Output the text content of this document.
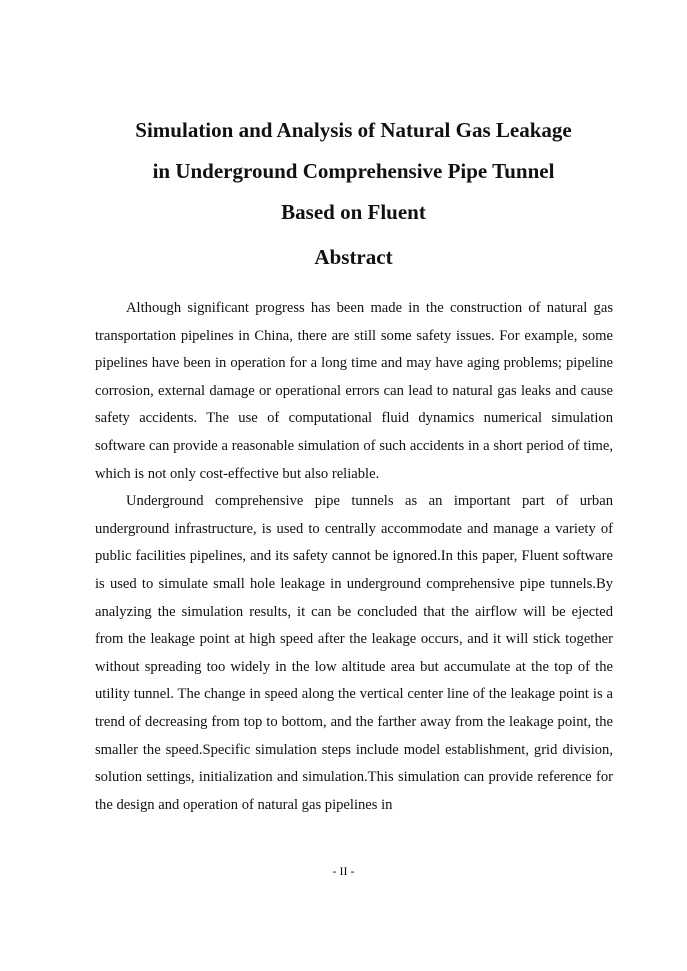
Simulation and Analysis of Natural Gas Leakage
in Underground Comprehensive Pipe Tunnel
Based on Fluent
Abstract

Although significant progress has been made in the construction of natural gas transportation pipelines in China, there are still some safety issues. For example, some pipelines have been in operation for a long time and may have aging problems; pipeline corrosion, external damage or operational errors can lead to natural gas leaks and cause safety accidents. The use of computational fluid dynamics numerical simulation software can provide a reasonable simulation of such accidents in a short period of time, which is not only cost-effective but also reliable.

Underground comprehensive pipe tunnels as an important part of urban underground infrastructure, is used to centrally accommodate and manage a variety of public facilities pipelines, and its safety cannot be ignored.In this paper, Fluent software is used to simulate small hole leakage in underground comprehensive pipe tunnels.By analyzing the simulation results, it can be concluded that the airflow will be ejected from the leakage point at high speed after the leakage occurs, and it will stick together without spreading too widely in the low altitude area but accumulate at the top of the utility tunnel. The change in speed along the vertical center line of the leakage point is a trend of decreasing from top to bottom, and the farther away from the leakage point, the smaller the speed.Specific simulation steps include model establishment, grid division, solution settings, initialization and simulation.This simulation can provide reference for the design and operation of natural gas pipelines in

- II -
